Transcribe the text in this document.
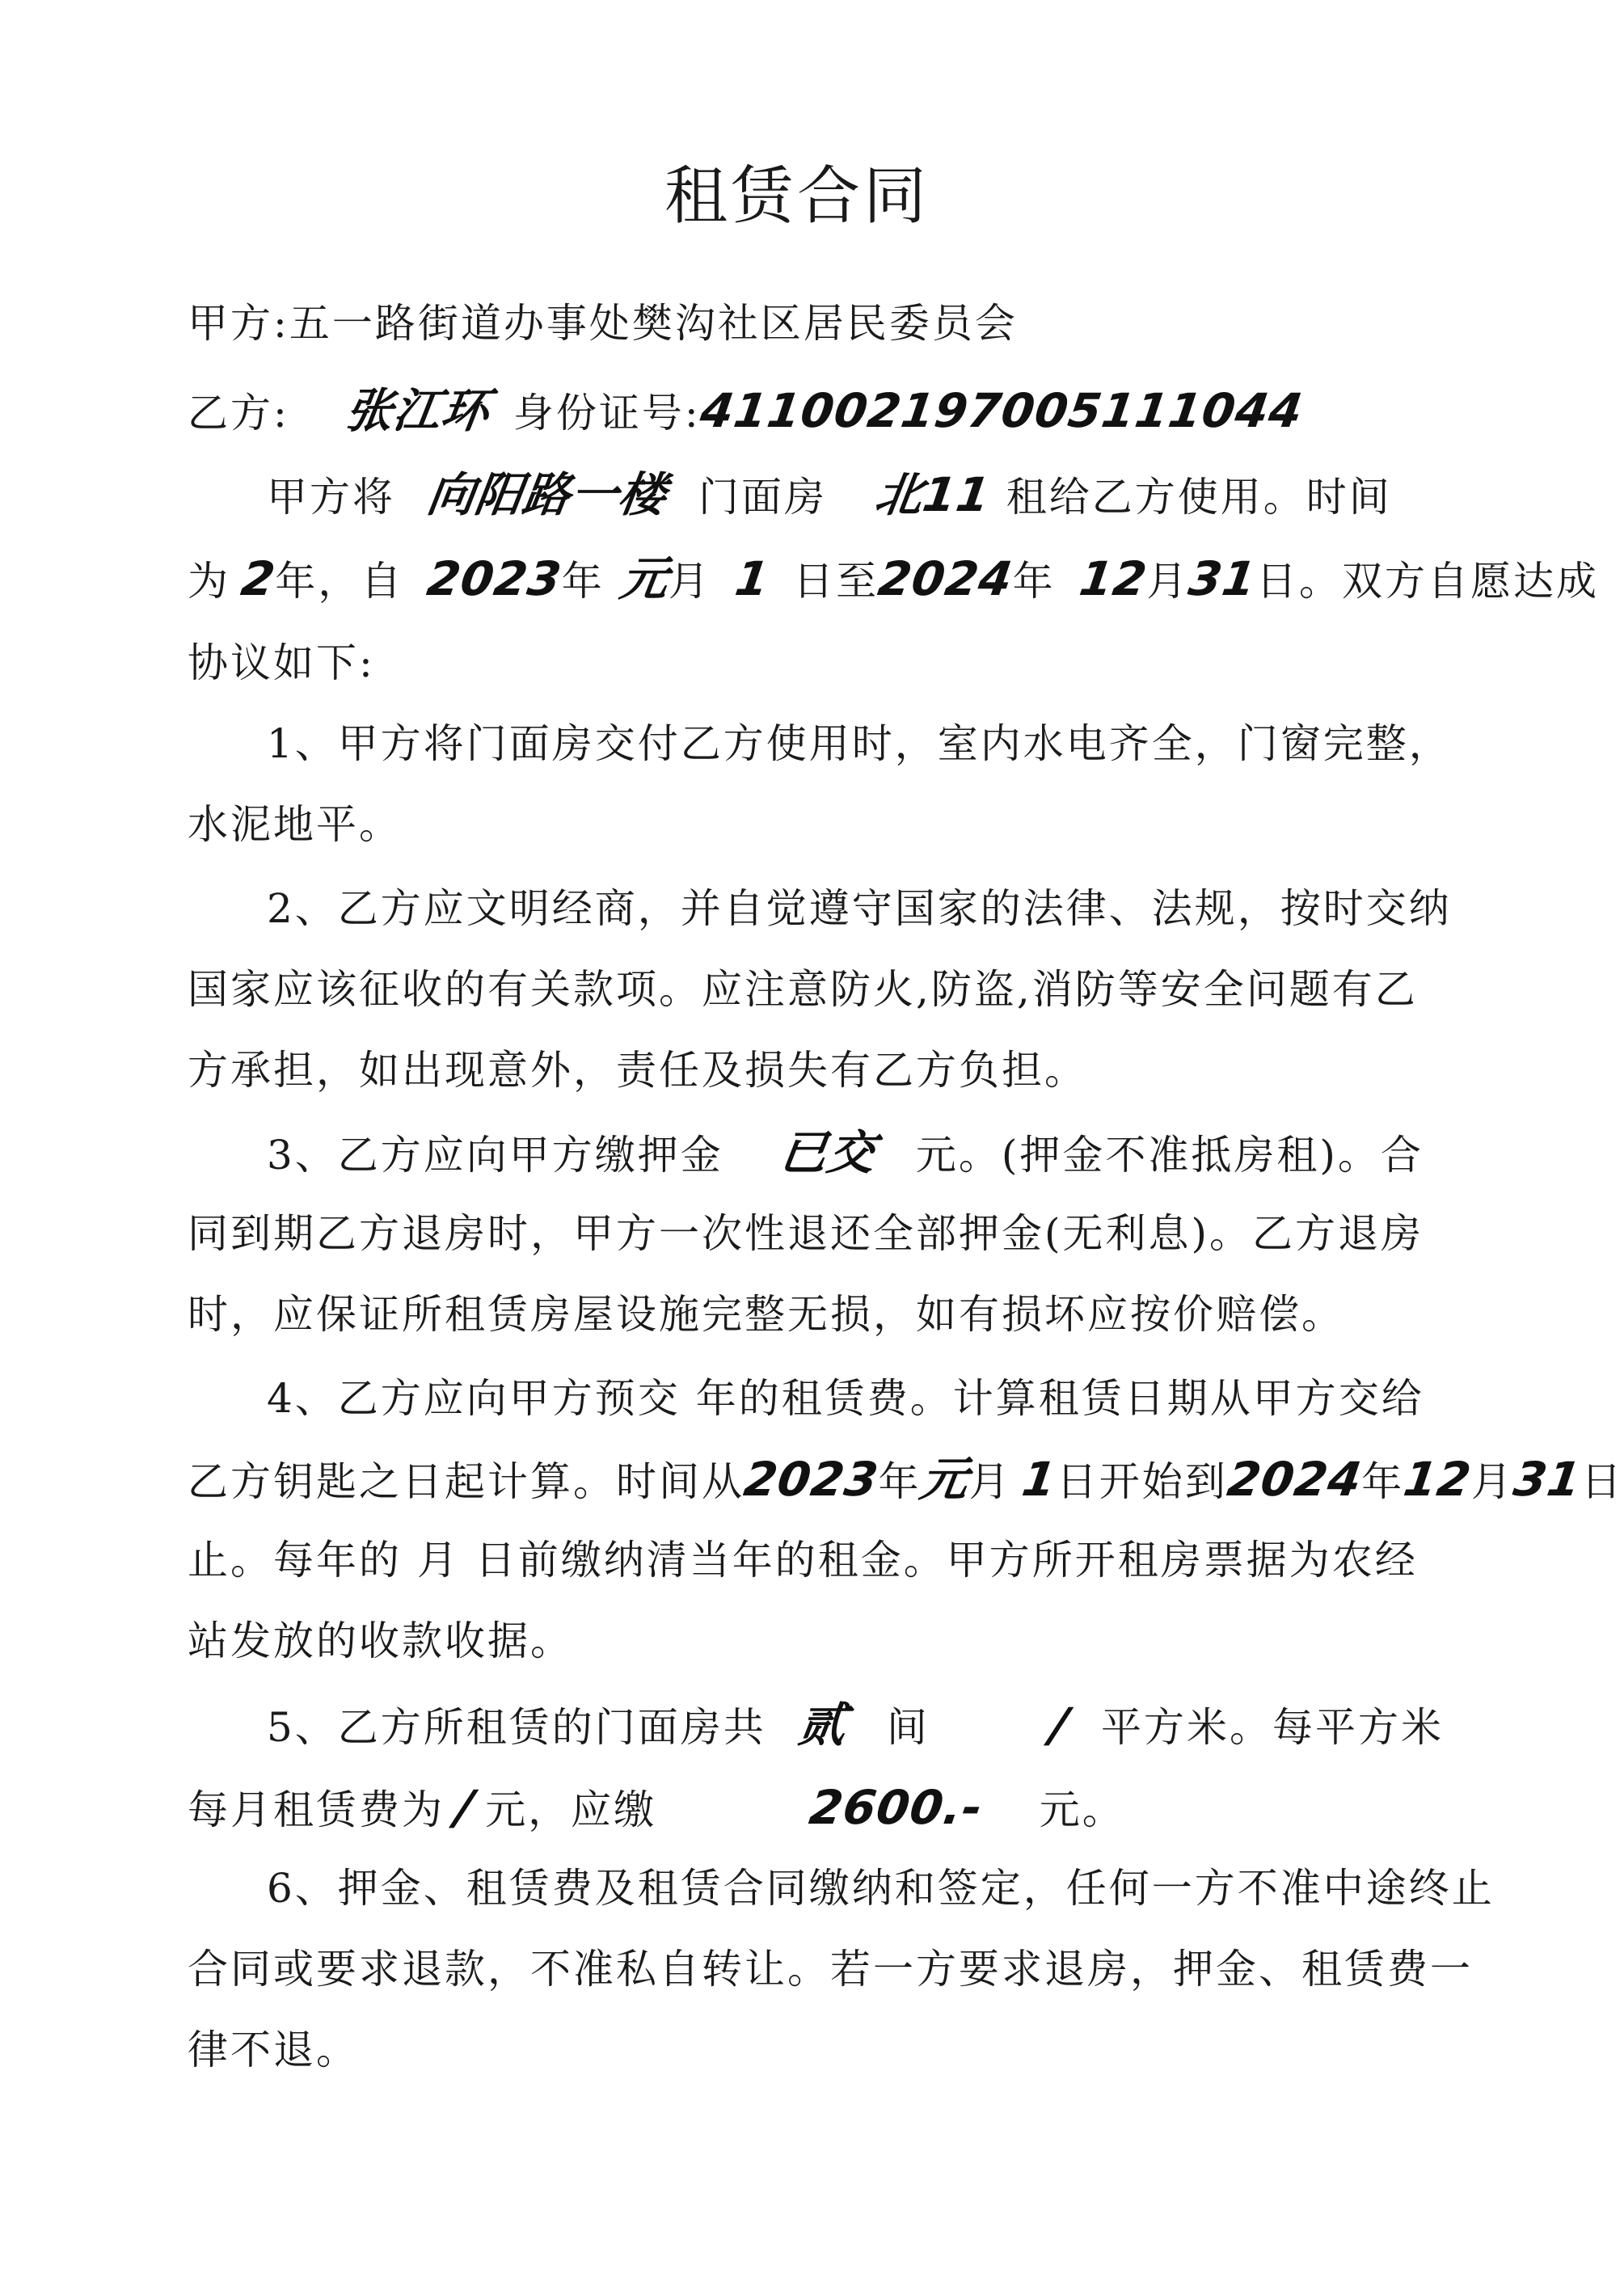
租赁合同
甲方:五一路街道办事处樊沟社区居民委员会
乙方: 张江环 身份证号:411002197005111044
甲方将 向阳路一楼 门面房 北11 租给乙方使用。时间
为 2年，自 2023年 元月 1 日至2024年 12月31日。双方自愿达成
协议如下:
1、甲方将门面房交付乙方使用时，室内水电齐全，门窗完整，
水泥地平。
2、乙方应文明经商，并自觉遵守国家的法律、法规，按时交纳
国家应该征收的有关款项。应注意防火,防盗,消防等安全问题有乙
方承担，如出现意外，责任及损失有乙方负担。
3、乙方应向甲方缴押金 已交 元。(押金不准抵房租)。合
同到期乙方退房时，甲方一次性退还全部押金(无利息)。乙方退房
时，应保证所租赁房屋设施完整无损，如有损坏应按价赔偿。
4、乙方应向甲方预交 年的租赁费。计算租赁日期从甲方交给
乙方钥匙之日起计算。时间从2023年元月 1日开始到2024年12月31日
止。每年的 月 日前缴纳清当年的租金。甲方所开租房票据为农经
站发放的收款收据。
5、乙方所租赁的门面房共 贰 间	/ 平方米。每平方米
每月租赁费为 / 元，应缴	2600.- 元。
6、押金、租赁费及租赁合同缴纳和签定，任何一方不准中途终止
合同或要求退款，不准私自转让。若一方要求退房，押金、租赁费一
律不退。
